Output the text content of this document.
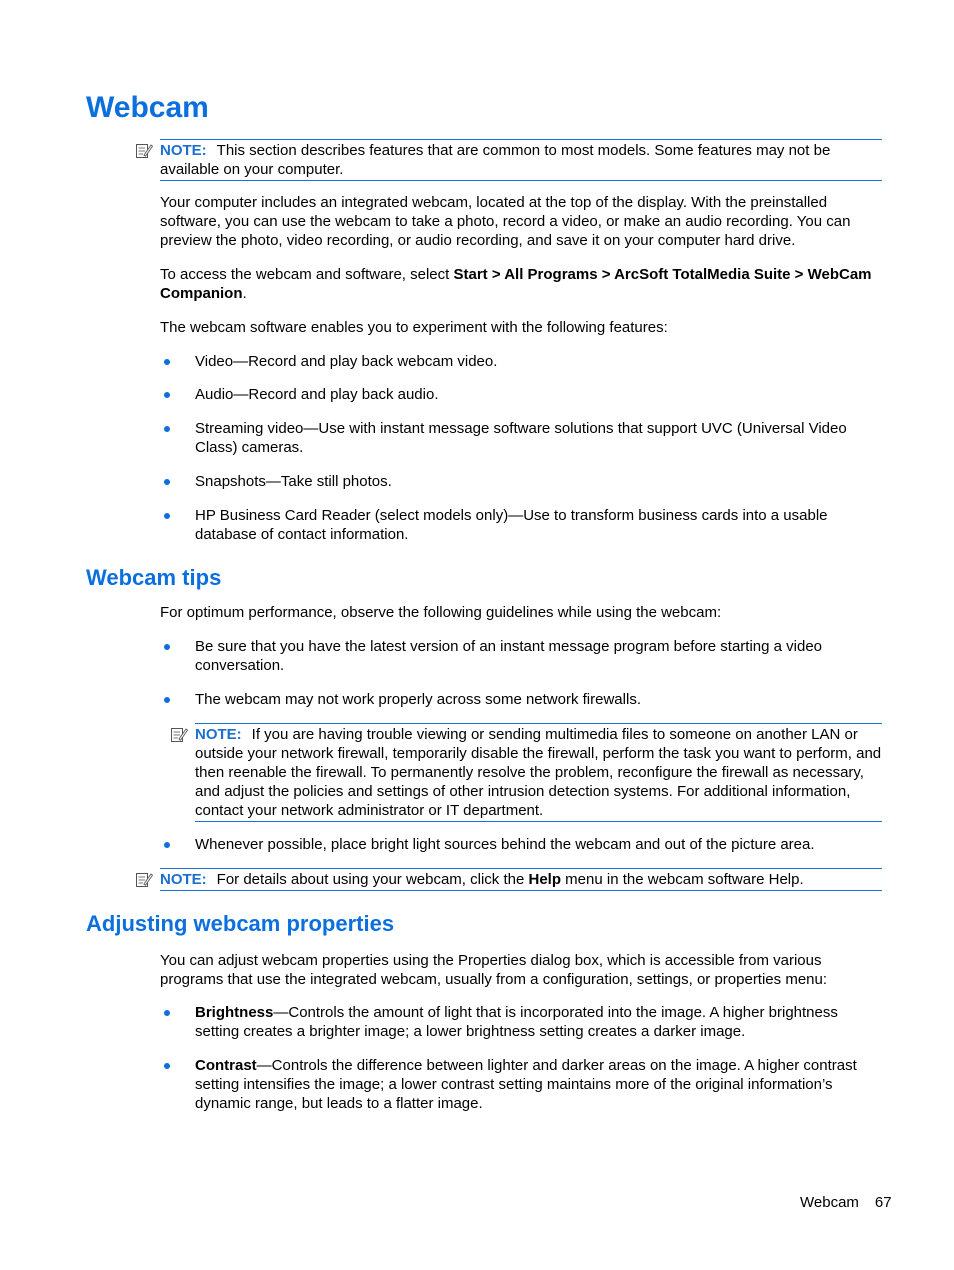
Webcam
NOTE: This section describes features that are common to most models. Some features may not be available on your computer.

Your computer includes an integrated webcam, located at the top of the display. With the preinstalled software, you can use the webcam to take a photo, record a video, or make an audio recording. You can preview the photo, video recording, or audio recording, and save it on your computer hard drive.

To access the webcam and software, select Start > All Programs > ArcSoft TotalMedia Suite > WebCam Companion.

The webcam software enables you to experiment with the following features:

Video—Record and play back webcam video.
Audio—Record and play back audio.
Streaming video—Use with instant message software solutions that support UVC (Universal Video Class) cameras.
Snapshots—Take still photos.
HP Business Card Reader (select models only)—Use to transform business cards into a usable database of contact information.
Webcam tips

For optimum performance, observe the following guidelines while using the webcam:

Be sure that you have the latest version of an instant message program before starting a video conversation.
The webcam may not work properly across some network firewalls.
NOTE: If you are having trouble viewing or sending multimedia files to someone on another LAN or outside your network firewall, temporarily disable the firewall, perform the task you want to perform, and then reenable the firewall. To permanently resolve the problem, reconfigure the firewall as necessary, and adjust the policies and settings of other intrusion detection systems. For additional information, contact your network administrator or IT department.
Whenever possible, place bright light sources behind the webcam and out of the picture area.
NOTE: For details about using your webcam, click the Help menu in the webcam software Help.
Adjusting webcam properties

You can adjust webcam properties using the Properties dialog box, which is accessible from various programs that use the integrated webcam, usually from a configuration, settings, or properties menu:

Brightness—Controls the amount of light that is incorporated into the image. A higher brightness setting creates a brighter image; a lower brightness setting creates a darker image.
Contrast—Controls the difference between lighter and darker areas on the image. A higher contrast setting intensifies the image; a lower contrast setting maintains more of the original information’s dynamic range, but leads to a flatter image.
Webcam 67
